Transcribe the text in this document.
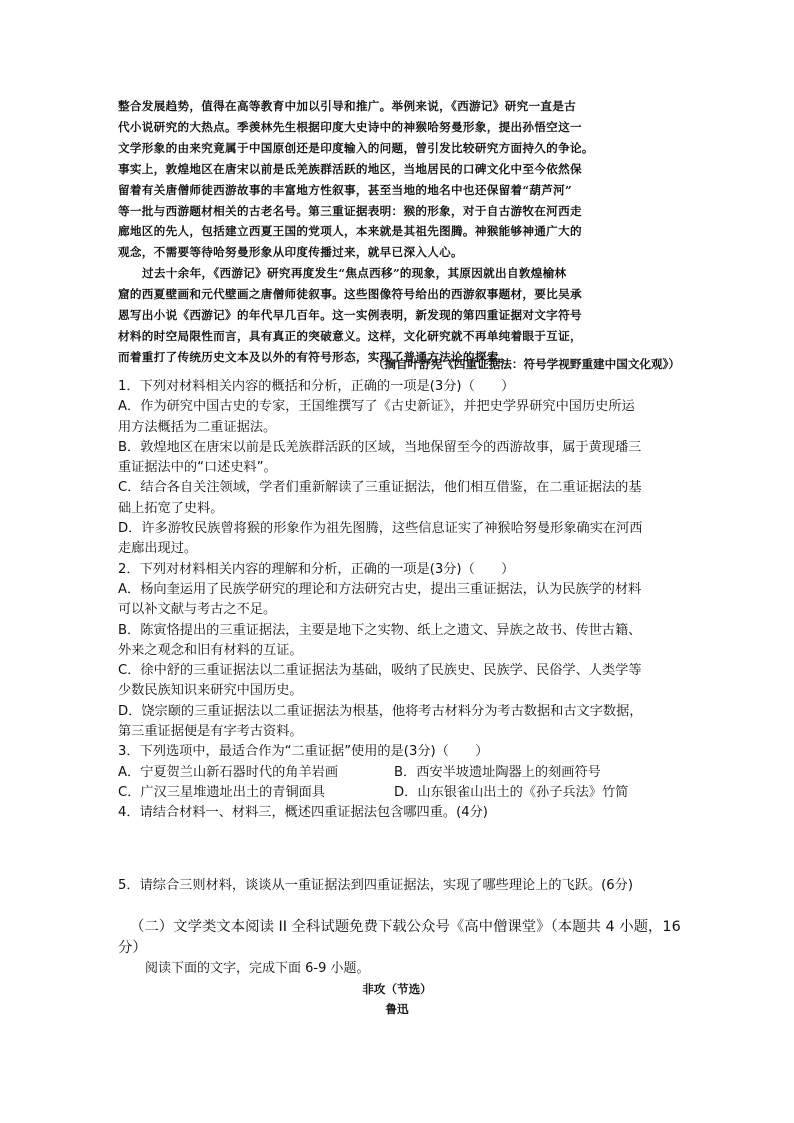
整合发展趋势，值得在高等教育中加以引导和推广。举例来说，《西游记》研究一直是古

代小说研究的大热点。季羡林先生根据印度大史诗中的神猴哈努曼形象，提出孙悟空这一

文学形象的由来究竟属于中国原创还是印度输入的问题，曾引发比较研究方面持久的争论。

事实上，敦煌地区在唐宋以前是氐羌族群活跃的地区，当地居民的口碑文化中至今依然保

留着有关唐僧师徒西游故事的丰富地方性叙事，甚至当地的地名中也还保留着“葫芦河”

等一批与西游题材相关的古老名号。第三重证据表明：猴的形象，对于自古游牧在河西走

廊地区的先人，包括建立西夏王国的党项人，本来就是其祖先图腾。神猴能够神通广大的

观念，不需要等待哈努曼形象从印度传播过来，就早已深入人心。

过去十余年，《西游记》研究再度发生“焦点西移”的现象，其原因就出自敦煌榆林

窟的西夏壁画和元代壁画之唐僧师徒叙事。这些图像符号给出的西游叙事题材，要比吴承

恩写出小说《西游记》的年代早几百年。这一实例表明，新发现的第四重证据对文字符号

材料的时空局限性而言，具有真正的突破意义。这样，文化研究就不再单纯着眼于互证，

而着重打了传统历史文本及以外的有符号形态，实现了普通方法论的探索。

（摘自叶舒宪《四重证据法：符号学视野重建中国文化观》）

1．下列对材料相关内容的概括和分析，正确的一项是(3分)（　　）

A．作为研究中国古史的专家，王国维撰写了《古史新证》，并把史学界研究中国历史所运

用方法概括为二重证据法。

B．敦煌地区在唐宋以前是氐羌族群活跃的区域，当地保留至今的西游故事，属于黄现璠三

重证据法中的“口述史料”。

C．结合各自关注领域，学者们重新解读了三重证据法，他们相互借鉴，在二重证据法的基

础上拓宽了史料。

D．许多游牧民族曾将猴的形象作为祖先图腾，这些信息证实了神猴哈努曼形象确实在河西

走廊出现过。

2．下列对材料相关内容的理解和分析，正确的一项是(3分)（　　）

A．杨向奎运用了民族学研究的理论和方法研究古史，提出三重证据法，认为民族学的材料

可以补文献与考古之不足。

B．陈寅恪提出的三重证据法，主要是地下之实物、纸上之遗文、异族之故书、传世古籍、

外来之观念和旧有材料的互证。

C．徐中舒的三重证据法以二重证据法为基础，吸纳了民族史、民族学、民俗学、人类学等

少数民族知识来研究中国历史。

D．饶宗颐的三重证据法以二重证据法为根基，他将考古材料分为考古数据和古文字数据，

第三重证据便是有字考古资料。

3．下列选项中，最适合作为“二重证据”使用的是(3分)（　　）

A．宁夏贺兰山新石器时代的角羊岩画	B．西安半坡遗址陶器上的刻画符号
C．广汉三星堆遗址出土的青铜面具	D．山东银雀山出土的《孙子兵法》竹简

4．请结合材料一、材料三，概述四重证据法包含哪四重。(4分)

5．请综合三则材料，谈谈从一重证据法到四重证据法，实现了哪些理论上的飞跃。(6分)
（二）文学类文本阅读 II 全科试题免费下载公众号《高中僧课堂》（本题共 4 小题，16 分）
阅读下面的文字，完成下面 6-9 小题。
非攻（节选）
鲁迅
